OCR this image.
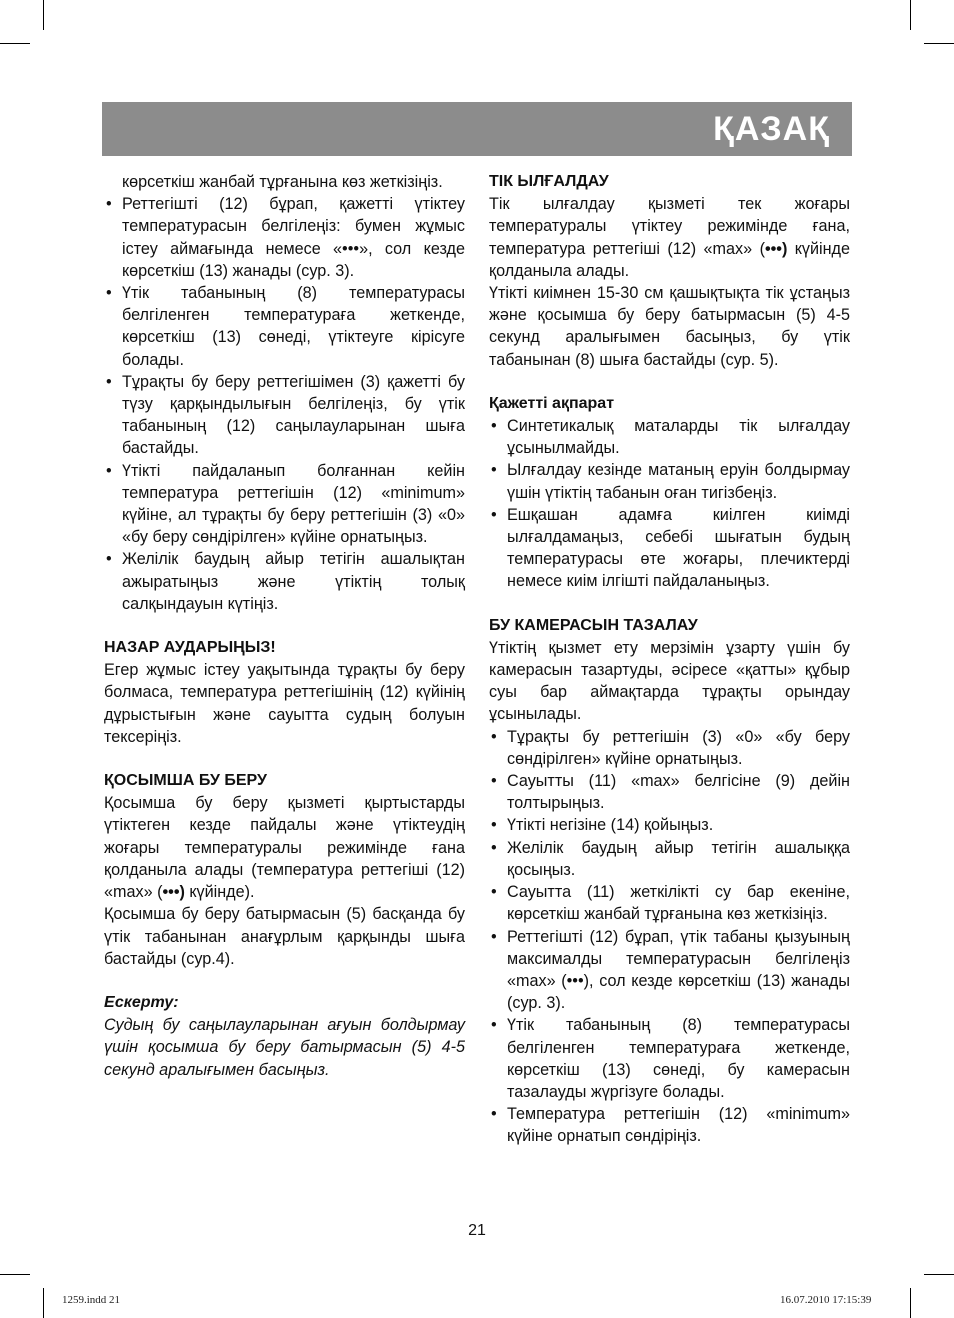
ҚАЗАҚ

көрсеткіш жанбай тұрғанына көз жеткізіңіз.

• Реттегішті (12) бұрап, қажетті үтіктеу температурасын белгілеңіз: бумен жұмыс істеу аймағында немесе «•••», сол кезде көрсеткіш (13) жанады (сур. 3).
• Үтік табанының (8) температурасы белгіленген температураға жеткенде, көрсеткіш (13) сөнеді, үтіктеуге кірісуге болады.
• Тұрақты бу беру реттегішімен (3) қажетті бу түзу қарқындылығын белгілеңіз, бу үтік табанының (12) саңылауларынан шыға бастайды.
• Үтікті пайдаланып болғаннан кейін температура реттегішін (12) «minimum» күйіне, ал тұрақты бу беру реттегішін (3) «0» «бу беру сөндірілген» күйіне орнатыңыз.
• Желілік баудың айыр тетігін ашалықтан ажыратыңыз және үтіктің толық салқындауын күтіңіз.

НАЗАР АУДАРЫҢЫЗ!

Егер жұмыс істеу уақытында тұрақты бу беру болмаса, температура реттегішінің (12) күйінің дұрыстығын және сауытта судың болуын тексеріңіз.

ҚОСЫМША БУ БЕРУ

Қосымша бу беру қызметі қыртыстарды үтіктеген кезде пайдалы және үтіктеудің жоғары температуралы режимінде ғана қолданыла алады (температура реттегіші (12) «max» (•••) күйінде).

Қосымша бу беру батырмасын (5) басқанда бу үтік табанынан анағұрлым қарқынды шыға бастайды (сур.4).

Ескерту:

Судың бу саңылауларынан ағуын болдырмау үшін қосымша бу беру батырмасын (5) 4-5 секунд аралығымен басыңыз.

ТІК ЫЛҒАЛДАУ

Тік ылғалдау қызметі тек жоғары температуралы үтіктеу режимінде ғана, температура реттегіші (12) «max» (•••) күйінде қолданыла алады.

Үтікті киімнен 15-30 см қашықтықта тік ұстаңыз және қосымша бу беру батырмасын (5) 4-5 секунд аралығымен басыңыз, бу үтік табанынан (8) шыға бастайды (сур. 5).

Қажетті ақпарат

• Синтетикалық маталарды тік ылғалдау ұсынылмайды.
• Ылғалдау кезінде матаның еруін болдырмау үшін үтіктің табанын оған тигізбеңіз.
• Ешқашан адамға киілген киімді ылғалдамаңыз, себебі шығатын будың температурасы өте жоғары, плечиктерді немесе киім ілгішті пайдаланыңыз.

БУ КАМЕРАСЫН ТАЗАЛАУ

Үтіктің қызмет ету мерзімін ұзарту үшін бу камерасын тазартуды, әсіресе «қатты» құбыр суы бар аймақтарда тұрақты орындау ұсынылады.

• Тұрақты бу реттегішін (3) «0» «бу беру сөндірілген» күйіне орнатыңыз.
• Сауытты (11) «max» белгісіне (9) дейін толтырыңыз.
• Үтікті негізіне (14) қойыңыз.
• Желілік баудың айыр тетігін ашалыққа қосыңыз.
• Сауытта (11) жеткілікті су бар екеніне, көрсеткіш жанбай тұрғанына көз жеткізіңіз.
• Реттегішті (12) бұрап, үтік табаны қызуының максималды температурасын белгілеңіз «max» (•••), сол кезде көрсеткіш (13) жанады (сур. 3).
• Үтік табанының (8) температурасы белгіленген температураға жеткенде, көрсеткіш (13) сөнеді, бу камерасын тазалауды жүргізуге болады.
• Температура реттегішін (12) «minimum» күйіне орнатып сөндіріңіз.
21
1259.indd 21	16.07.2010 17:15:39
